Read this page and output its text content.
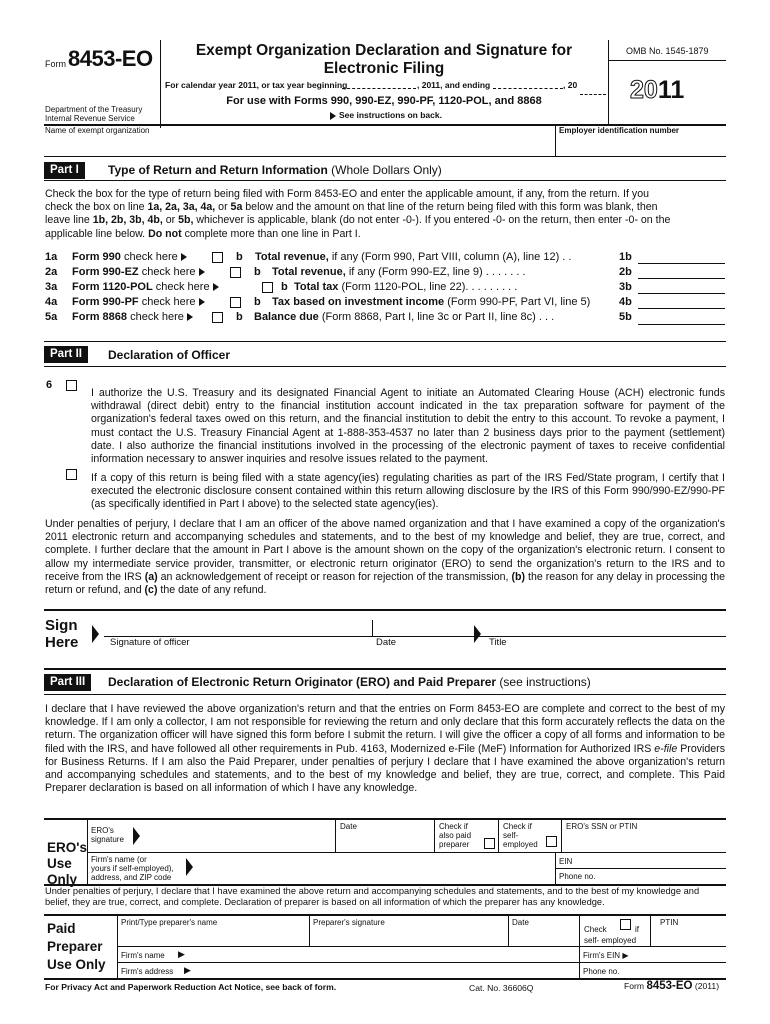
Form 8453-EO	Exempt Organization Declaration and Signature for
Electronic Filing
For calendar year 2011, or tax year beginning	, 2011, and ending	, 20
For use with Forms 990, 990-EZ, 990-PF, 1120-POL, and 8868
See instructions on back.
OMB No. 1545-1879
2011
Department of the Treasury
Internal Revenue Service
Name of exempt organization	Employer identification number
Part I	Type of Return and Return Information (Whole Dollars Only)
Check the box for the type of return being filed with Form 8453-EO and enter the applicable amount, if any, from the return. If you
check the box on line 1a, 2a, 3a, 4a, or 5a below and the amount on that line of the return being filed with this form was blank, then
leave line 1b, 2b, 3b, 4b, or 5b, whichever is applicable, blank (do not enter -0-). If you entered -0- on the return, then enter -0- on the
applicable line below. Do not complete more than one line in Part I.
1a Form 990 check here	b Total revenue, if any (Form 990, Part VIII, column (A), line 12) . .	1b
2a Form 990-EZ check here	b Total revenue, if any (Form 990-EZ, line 9) . . . . . . .	2b
3a Form 1120-POL check here	b Total tax (Form 1120-POL, line 22). . . . . . . . .	3b
4a Form 990-PF check here	b Tax based on investment income (Form 990-PF, Part VI, line 5)	4b
5a Form 8868 check here	b Balance due (Form 8868, Part I, line 3c or Part II, line 8c) . . .	5b
Part II	Declaration of Officer
6
I authorize the U.S. Treasury and its designated Financial Agent to initiate an Automated Clearing House (ACH) electronic funds withdrawal (direct debit) entry to the financial institution account indicated in the tax preparation software for payment of the organization's federal taxes owed on this return, and the financial institution to debit the entry to this account. To revoke a payment, I must contact the U.S. Treasury Financial Agent at 1-888-353-4537 no later than 2 business days prior to the payment (settlement) date. I also authorize the financial institutions involved in the processing of the electronic payment of taxes to receive confidential information necessary to answer inquiries and resolve issues related to the payment.
If a copy of this return is being filed with a state agency(ies) regulating charities as part of the IRS Fed/State program, I certify that I executed the electronic disclosure consent contained within this return allowing disclosure by the IRS of this Form 990/990-EZ/990-PF (as specifically identified in Part I above) to the selected state agency(ies).
Under penalties of perjury, I declare that I am an officer of the above named organization and that I have examined a copy of the organization's 2011 electronic return and accompanying schedules and statements, and to the best of my knowledge and belief, they are true, correct, and complete. I further declare that the amount in Part I above is the amount shown on the copy of the organization's electronic return. I consent to allow my intermediate service provider, transmitter, or electronic return originator (ERO) to send the organization's return to the IRS and to receive from the IRS (a) an acknowledgement of receipt or reason for rejection of the transmission, (b) the reason for any delay in processing the return or refund, and (c) the date of any refund.
Sign
Here	Signature of officer	Date	Title
Part III	Declaration of Electronic Return Originator (ERO) and Paid Preparer (see instructions)
I declare that I have reviewed the above organization's return and that the entries on Form 8453-EO are complete and correct to the best of my knowledge. If I am only a collector, I am not responsible for reviewing the return and only declare that this form accurately reflects the data on the return. The organization officer will have signed this form before I submit the return. I will give the officer a copy of all forms and information to be filed with the IRS, and have followed all other requirements in Pub. 4163, Modernized e-File (MeF) Information for Authorized IRS e-file Providers for Business Returns. If I am also the Paid Preparer, under penalties of perjury I declare that I have examined the above organization's return and accompanying schedules and statements, and to the best of my knowledge and belief, they are true, correct, and complete. This Paid Preparer declaration is based on all information of which I have any knowledge.
ERO's
Use
Only
ERO's
signature
Date	Check if
also paid
preparer
Check if
self-
employed
ERO's SSN or PTIN
Firm's name (or
yours if self-employed),
address, and ZIP code
EIN
Phone no.
Under penalties of perjury, I declare that I have examined the above return and accompanying schedules and statements, and to the best of my knowledge and belief, they are true, correct, and complete. Declaration of preparer is based on all information of which the preparer has any knowledge.
Paid
Preparer
Use Only
Print/Type preparer's name	Preparer's signature	Date
Check	if
self- employed
PTIN
Firm's name ▶	Firm's EIN ▶
Firm's address ▶	Phone no.
For Privacy Act and Paperwork Reduction Act Notice, see back of form.	Cat. No. 36606Q	Form 8453-EO (2011)
